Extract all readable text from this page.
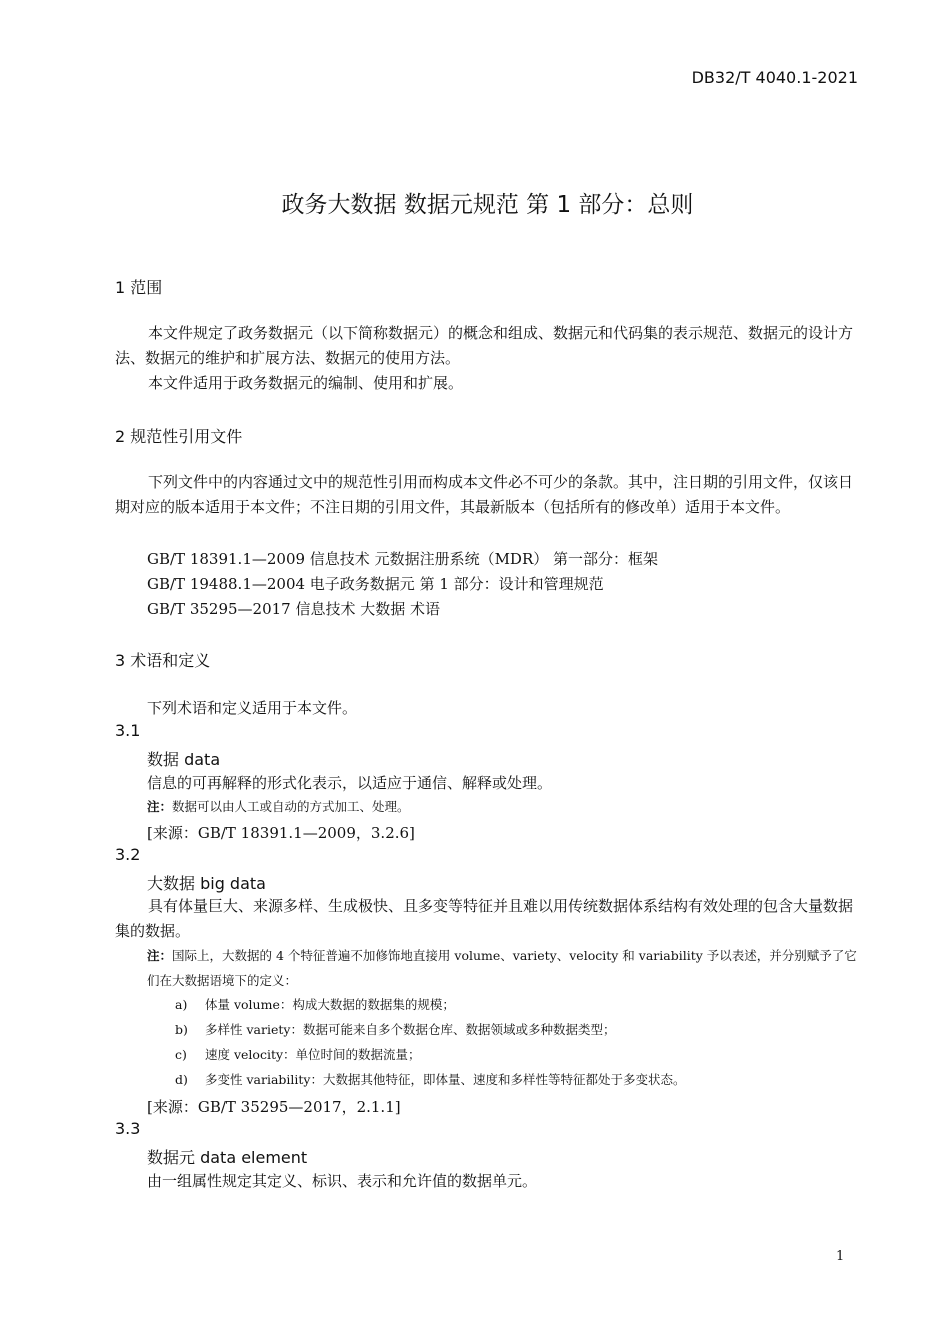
DB32/T 4040.1-2021
政务大数据 数据元规范 第 1 部分：总则
1 范围
本文件规定了政务数据元（以下简称数据元）的概念和组成、数据元和代码集的表示规范、数据元的设计方法、数据元的维护和扩展方法、数据元的使用方法。
本文件适用于政务数据元的编制、使用和扩展。
2 规范性引用文件
下列文件中的内容通过文中的规范性引用而构成本文件必不可少的条款。其中，注日期的引用文件，仅该日期对应的版本适用于本文件；不注日期的引用文件，其最新版本（包括所有的修改单）适用于本文件。
GB/T 18391.1—2009 信息技术 元数据注册系统（MDR） 第一部分：框架
GB/T 19488.1—2004 电子政务数据元 第 1 部分：设计和管理规范
GB/T 35295—2017 信息技术 大数据 术语
3 术语和定义
下列术语和定义适用于本文件。
3.1
数据 data
信息的可再解释的形式化表示，以适应于通信、解释或处理。
注：数据可以由人工或自动的方式加工、处理。
[来源：GB/T 18391.1—2009，3.2.6]
3.2
大数据 big data
具有体量巨大、来源多样、生成极快、且多变等特征并且难以用传统数据体系结构有效处理的包含大量数据集的数据。
注：国际上，大数据的 4 个特征普遍不加修饰地直接用 volume、variety、velocity 和 variability 予以表述，并分别赋予了它们在大数据语境下的定义：
a) 体量 volume：构成大数据的数据集的规模；
b) 多样性 variety：数据可能来自多个数据仓库、数据领域或多种数据类型；
c) 速度 velocity：单位时间的数据流量；
d) 多变性 variability：大数据其他特征，即体量、速度和多样性等特征都处于多变状态。
[来源：GB/T 35295—2017，2.1.1]
3.3
数据元 data element
由一组属性规定其定义、标识、表示和允许值的数据单元。
1
